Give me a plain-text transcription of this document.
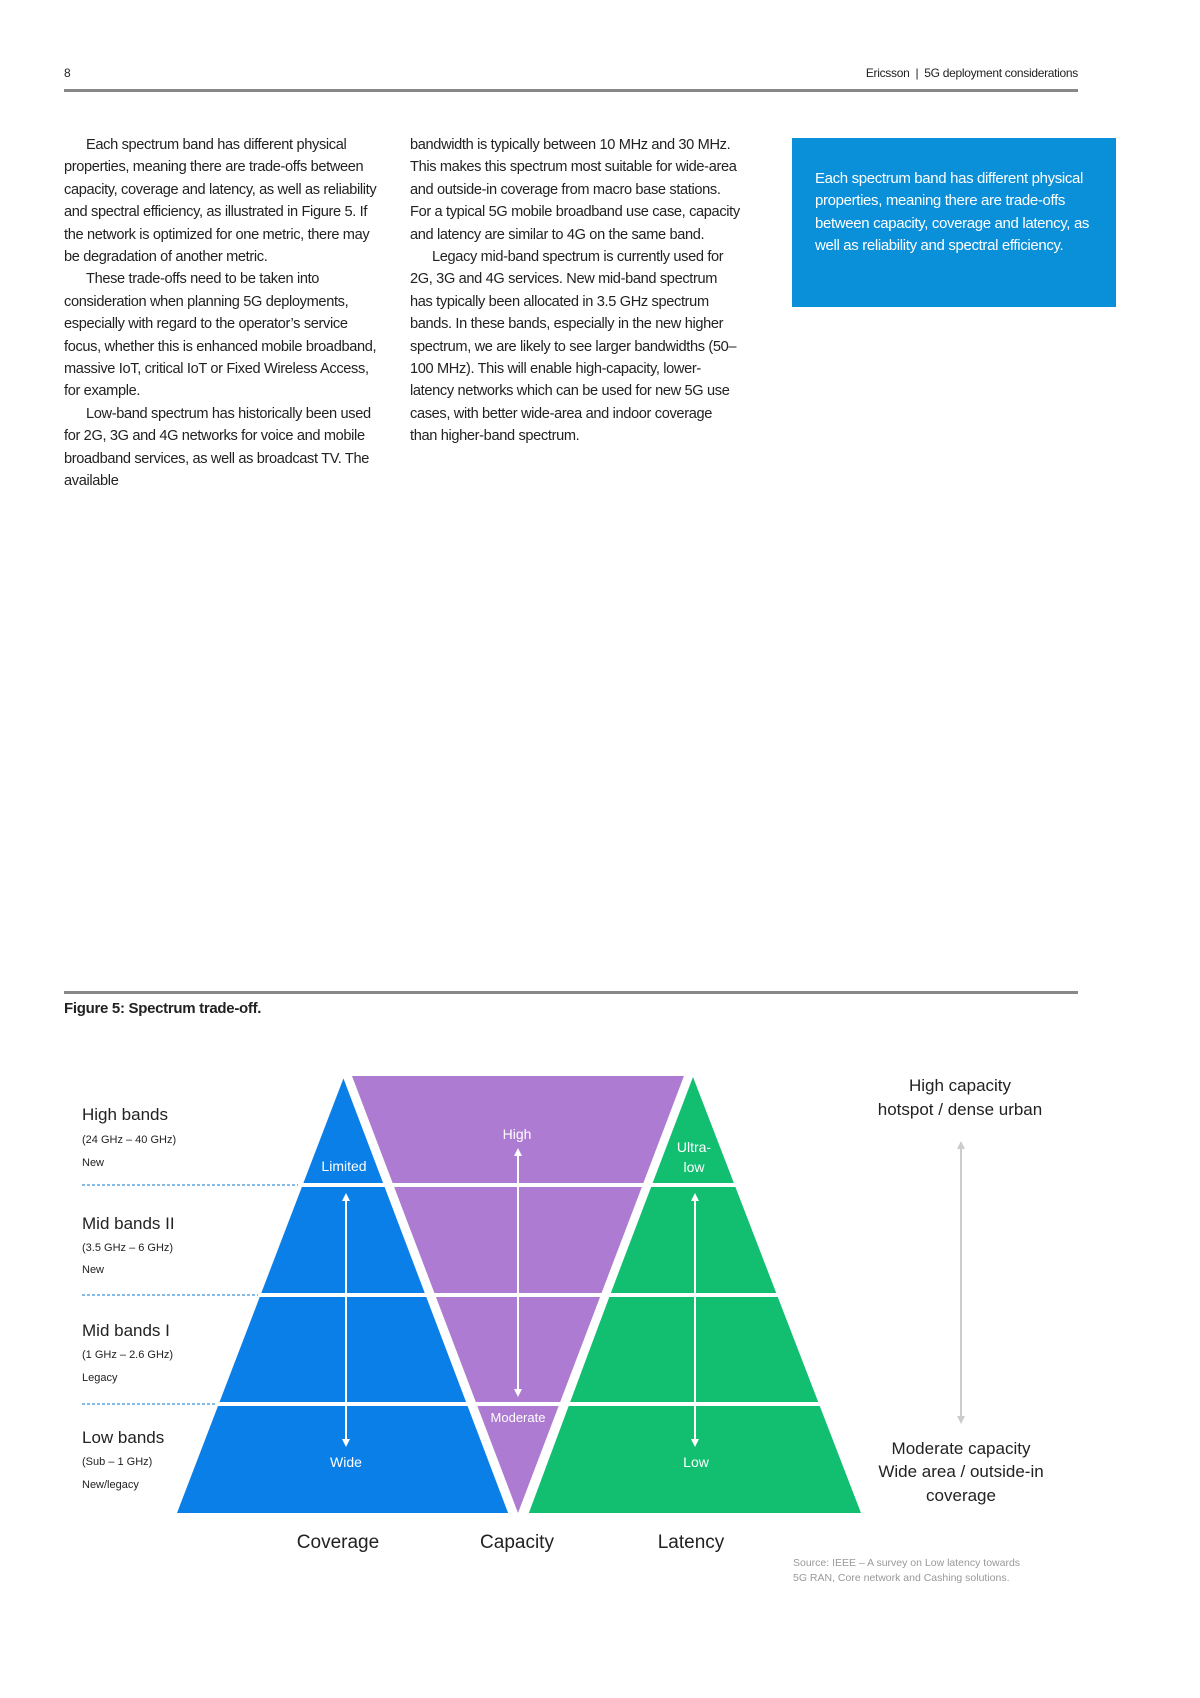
8	Ericsson | 5G deployment considerations

Each spectrum band has different physical properties, meaning there are trade-offs between capacity, coverage and latency, as well as reliability and spectral efficiency, as illustrated in Figure 5. If the network is optimized for one metric, there may be degradation of another metric.

These trade-offs need to be taken into consideration when planning 5G deployments, especially with regard to the operator’s service focus, whether this is enhanced mobile broadband, massive IoT, critical IoT or Fixed Wireless Access, for example.

Low-band spectrum has historically been used for 2G, 3G and 4G networks for voice and mobile broadband services, as well as broadcast TV. The available

bandwidth is typically between 10 MHz and 30 MHz. This makes this spectrum most suitable for wide-area and outside-in coverage from macro base stations. For a typical 5G mobile broadband use case, capacity and latency are similar to 4G on the same band.

Legacy mid-band spectrum is currently used for 2G, 3G and 4G services. New mid-band spectrum has typically been allocated in 3.5 GHz spectrum bands. In these bands, especially in the new higher spectrum, we are likely to see larger bandwidths (50–100 MHz). This will enable high-capacity, lower-latency networks which can be used for new 5G use cases, with better wide-area and indoor coverage than higher-band spectrum.

Each spectrum band has different physical properties, meaning there are trade-offs between capacity, coverage and latency, as well as reliability and spectral efficiency.
Figure 5: Spectrum trade-off.
Limited
Wide
High
Moderate
Ultra-
low
Low
High bands
(24 GHz – 40 GHz)
New
Mid bands II
(3.5 GHz – 6 GHz)
New
Mid bands I
(1 GHz – 2.6 GHz)
Legacy
Low bands
(Sub – 1 GHz)
New/legacy
Coverage	Capacity	Latency
High capacity
hotspot / dense urban
Moderate capacity
Wide area / outside-in
coverage
Source: IEEE – A survey on Low latency towards
5G RAN, Core network and Cashing solutions.
